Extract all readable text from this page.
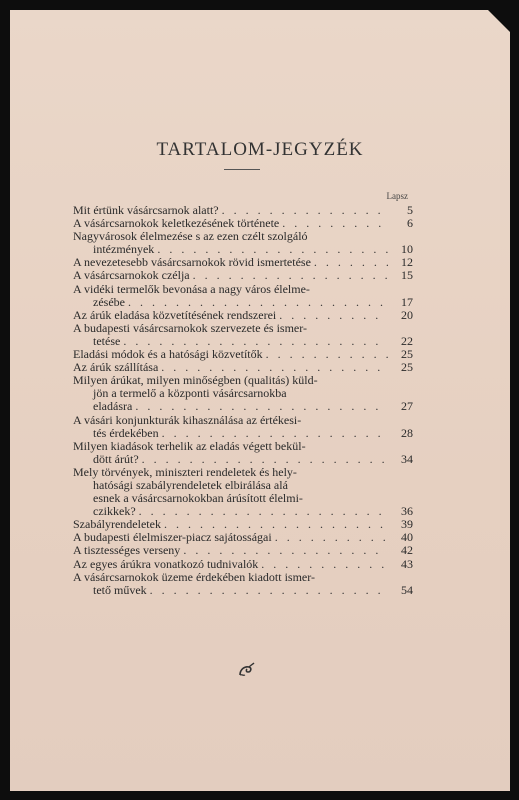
TARTALOM-JEGYZÉK
Lapsz
Mit értünk vásárcsarnok alatt? . . .	5
A vásárcsarnokok keletkezésének története . . .	6
Nagyvárosok élelmezése s az ezen czélt szolgáló
intézmények . . .	10
A nevezetesebb vásárcsarnokok rövid ismertetése . . .	12
A vásárcsarnokok czélja . . .	15
A vidéki termelők bevonása a nagy város élelme-
zésébe . . .	17
Az árúk eladása közvetítésének rendszerei . . .	20
A budapesti vásárcsarnokok szervezete és ismer-
tetése . . .	22
Eladási módok és a hatósági közvetítők . . .	25
Az árúk szállítása . . .	25
Milyen árúkat, milyen minőségben (qualitás) küld-
jön a termelő a központi vásárcsarnokba
eladásra . . .	27
A vásári konjunkturák kihasználása az értékesi-
tés érdekében . . .	28
Milyen kiadások terhelik az eladás végett bekül-
dött árút? . . .	34
Mely törvények, miniszteri rendeletek és hely-
hatósági szabályrendeletek elbirálása alá
esnek a vásárcsarnokokban árúsított élelmi-
czikkek? . . .	36
Szabályrendeletek . . .	39
A budapesti élelmiszer-piacz sajátosságai . . .	40
A tisztességes verseny . . .	42
Az egyes árúkra vonatkozó tudnivalók . . .	43
A vásárcsarnokok üzeme érdekében kiadott ismer-
tető művek . . .	54
